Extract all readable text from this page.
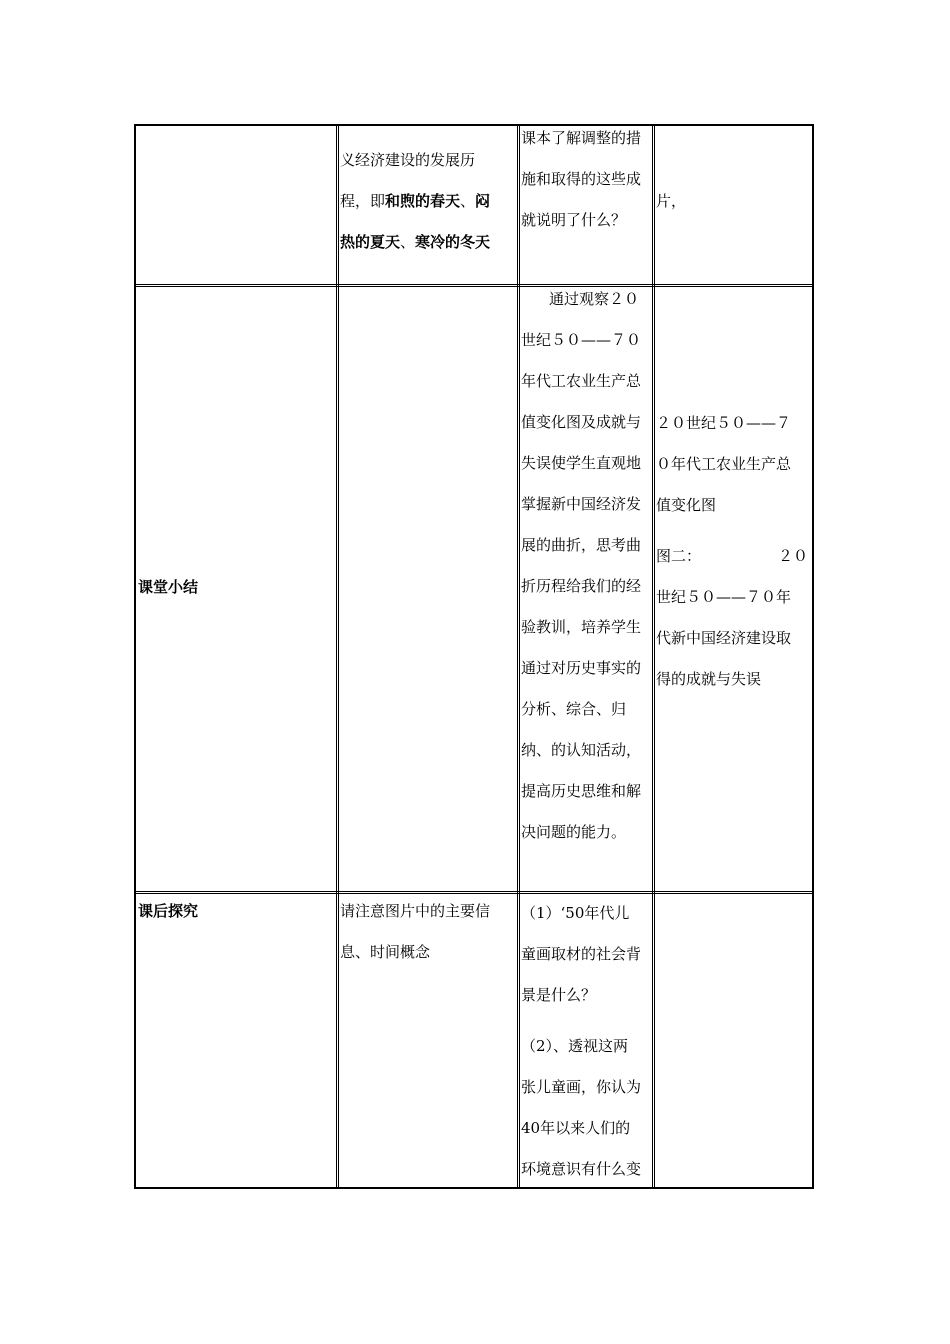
义经济建设的发展历

程，即和煦的春天、闷

热的夏天、寒冷的冬天

课本了解调整的措

施和取得的这些成

就说明了什么？

片，

课堂小结

通过观察２０

世纪５０——７０

年代工农业生产总

值变化图及成就与

失误使学生直观地

掌握新中国经济发

展的曲折，思考曲

折历程给我们的经

验教训，培养学生

通过对历史事实的

分析、综合、归

纳、的认知活动，

提高历史思维和解

决问题的能力。

２０世纪５０——７

０年代工农业生产总

值变化图

图二：	２０

世纪５０——７０年

代新中国经济建设取

得的成就与失误

课后探究	请注意图片中的主要信

息、时间概念

（1）‘50年代儿

童画取材的社会背

景是什么？

（2）、透视这两

张儿童画，你认为

40年以来人们的

环境意识有什么变
